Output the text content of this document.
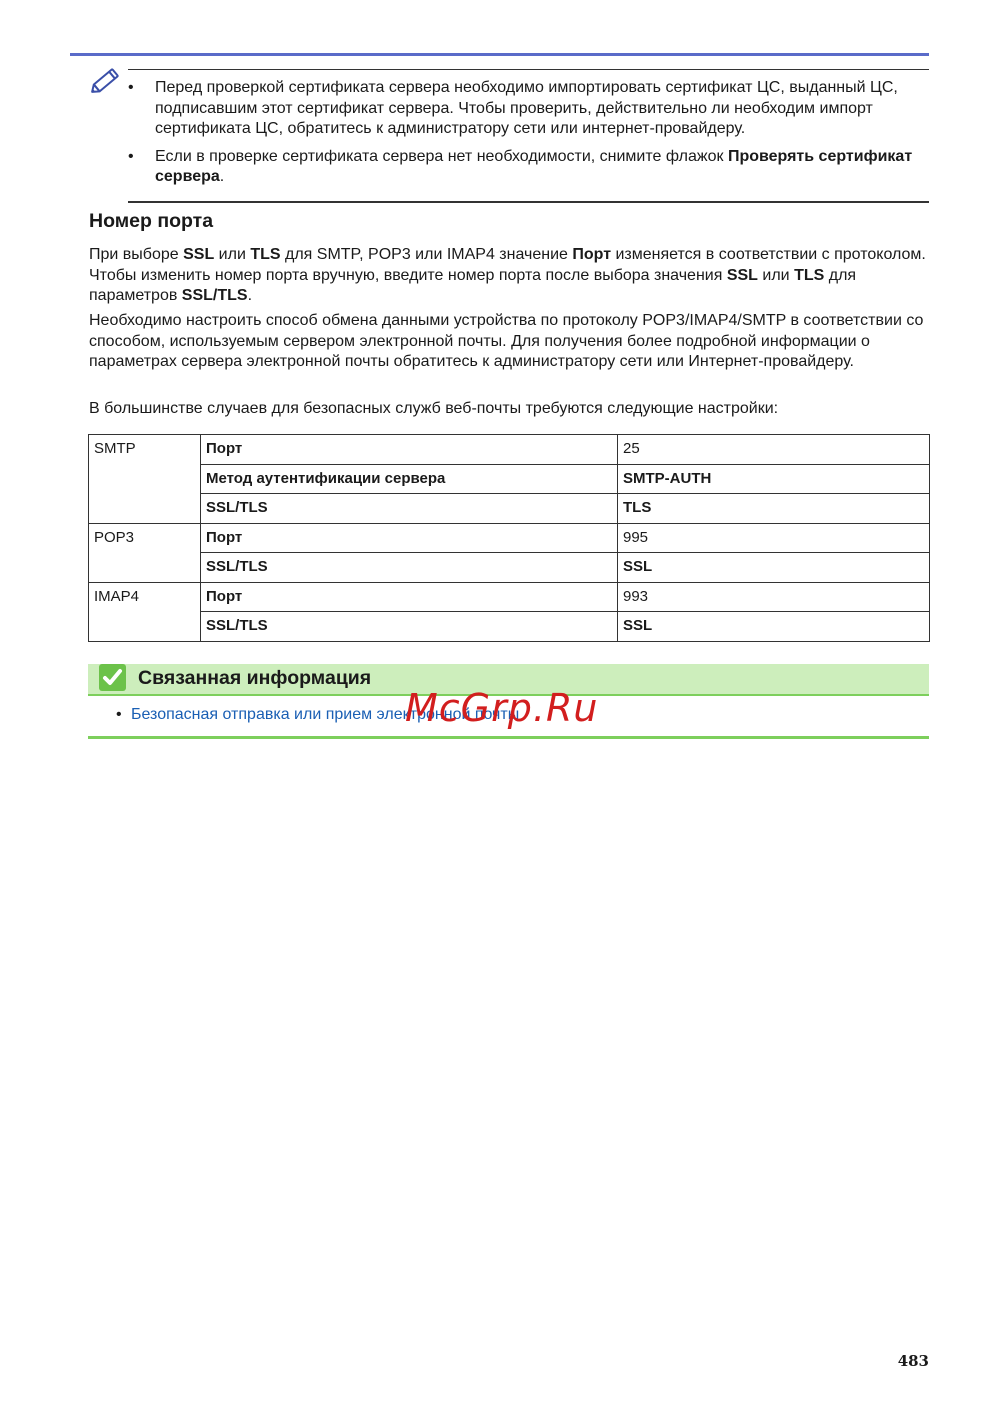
• Перед проверкой сертификата сервера необходимо импортировать сертификат ЦС, выданный ЦС, подписавшим этот сертификат сервера. Чтобы проверить, действительно ли необходим импорт сертификата ЦС, обратитесь к администратору сети или интернет-провайдеру.
• Если в проверке сертификата сервера нет необходимости, снимите флажок Проверять сертификат сервера.
Номер порта

При выборе SSL или TLS для SMTP, POP3 или IMAP4 значение Порт изменяется в соответствии с протоколом. Чтобы изменить номер порта вручную, введите номер порта после выбора значения SSL или TLS для параметров SSL/TLS.

Необходимо настроить способ обмена данными устройства по протоколу POP3/IMAP4/SMTP в соответствии со способом, используемым сервером электронной почты. Для получения более подробной информации о параметрах сервера электронной почты обратитесь к администратору сети или Интернет-провайдеру.

В большинстве случаев для безопасных служб веб-почты требуются следующие настройки:

SMTP	Порт	25
	Метод аутентификации сервера	SMTP-AUTH
	SSL/TLS	TLS
POP3	Порт	995
	SSL/TLS	SSL
IMAP4	Порт	993
	SSL/TLS	SSL
Связанная информация
• Безопасная отправка или прием электронной почты
McGrp.Ru
483
